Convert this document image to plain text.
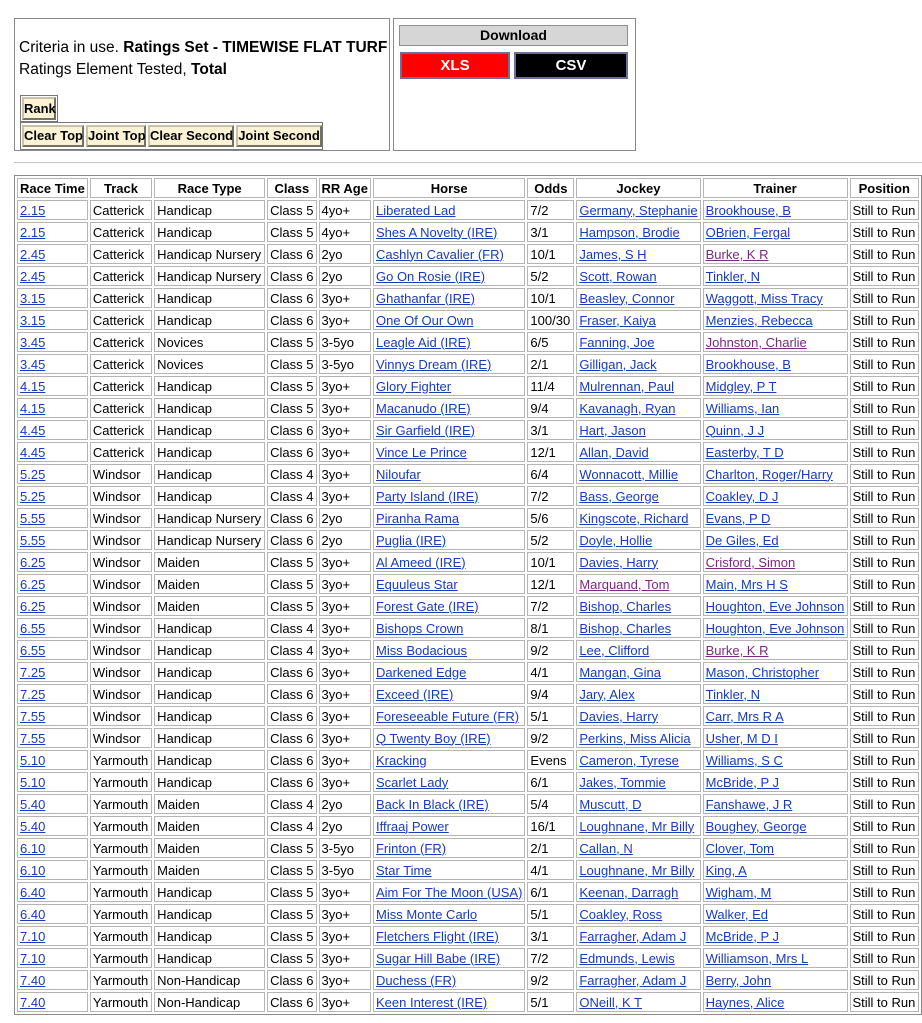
Criteria in use. Ratings Set - TIMEWISE FLAT TURF
Ratings Element Tested, Total
Rank
Clear Top Joint Top Clear Second Joint Second
Download
XLS	CSV
Race Time	Track	Race Type	Class	RR Age	Horse	Odds	Jockey	Trainer	Position
2.15	Catterick	Handicap	Class 5	4yo+	Liberated Lad	7/2	Germany, Stephanie	Brookhouse, B	Still to Run
2.15	Catterick	Handicap	Class 5	4yo+	Shes A Novelty (IRE)	3/1	Hampson, Brodie	OBrien, Fergal	Still to Run
2.45	Catterick	Handicap Nursery	Class 6	2yo	Cashlyn Cavalier (FR)	10/1	James, S H	Burke, K R	Still to Run
2.45	Catterick	Handicap Nursery	Class 6	2yo	Go On Rosie (IRE)	5/2	Scott, Rowan	Tinkler, N	Still to Run
3.15	Catterick	Handicap	Class 6	3yo+	Ghathanfar (IRE)	10/1	Beasley, Connor	Waggott, Miss Tracy	Still to Run
3.15	Catterick	Handicap	Class 6	3yo+	One Of Our Own	100/30	Fraser, Kaiya	Menzies, Rebecca	Still to Run
3.45	Catterick	Novices	Class 5	3-5yo	Leagle Aid (IRE)	6/5	Fanning, Joe	Johnston, Charlie	Still to Run
3.45	Catterick	Novices	Class 5	3-5yo	Vinnys Dream (IRE)	2/1	Gilligan, Jack	Brookhouse, B	Still to Run
4.15	Catterick	Handicap	Class 5	3yo+	Glory Fighter	11/4	Mulrennan, Paul	Midgley, P T	Still to Run
4.15	Catterick	Handicap	Class 5	3yo+	Macanudo (IRE)	9/4	Kavanagh, Ryan	Williams, Ian	Still to Run
4.45	Catterick	Handicap	Class 6	3yo+	Sir Garfield (IRE)	3/1	Hart, Jason	Quinn, J J	Still to Run
4.45	Catterick	Handicap	Class 6	3yo+	Vince Le Prince	12/1	Allan, David	Easterby, T D	Still to Run
5.25	Windsor	Handicap	Class 4	3yo+	Niloufar	6/4	Wonnacott, Millie	Charlton, Roger/Harry	Still to Run
5.25	Windsor	Handicap	Class 4	3yo+	Party Island (IRE)	7/2	Bass, George	Coakley, D J	Still to Run
5.55	Windsor	Handicap Nursery	Class 6	2yo	Piranha Rama	5/6	Kingscote, Richard	Evans, P D	Still to Run
5.55	Windsor	Handicap Nursery	Class 6	2yo	Puglia (IRE)	5/2	Doyle, Hollie	De Giles, Ed	Still to Run
6.25	Windsor	Maiden	Class 5	3yo+	Al Ameed (IRE)	10/1	Davies, Harry	Crisford, Simon	Still to Run
6.25	Windsor	Maiden	Class 5	3yo+	Equuleus Star	12/1	Marquand, Tom	Main, Mrs H S	Still to Run
6.25	Windsor	Maiden	Class 5	3yo+	Forest Gate (IRE)	7/2	Bishop, Charles	Houghton, Eve Johnson	Still to Run
6.55	Windsor	Handicap	Class 4	3yo+	Bishops Crown	8/1	Bishop, Charles	Houghton, Eve Johnson	Still to Run
6.55	Windsor	Handicap	Class 4	3yo+	Miss Bodacious	9/2	Lee, Clifford	Burke, K R	Still to Run
7.25	Windsor	Handicap	Class 6	3yo+	Darkened Edge	4/1	Mangan, Gina	Mason, Christopher	Still to Run
7.25	Windsor	Handicap	Class 6	3yo+	Exceed (IRE)	9/4	Jary, Alex	Tinkler, N	Still to Run
7.55	Windsor	Handicap	Class 6	3yo+	Foreseeable Future (FR)	5/1	Davies, Harry	Carr, Mrs R A	Still to Run
7.55	Windsor	Handicap	Class 6	3yo+	Q Twenty Boy (IRE)	9/2	Perkins, Miss Alicia	Usher, M D I	Still to Run
5.10	Yarmouth	Handicap	Class 6	3yo+	Kracking	Evens	Cameron, Tyrese	Williams, S C	Still to Run
5.10	Yarmouth	Handicap	Class 6	3yo+	Scarlet Lady	6/1	Jakes, Tommie	McBride, P J	Still to Run
5.40	Yarmouth	Maiden	Class 4	2yo	Back In Black (IRE)	5/4	Muscutt, D	Fanshawe, J R	Still to Run
5.40	Yarmouth	Maiden	Class 4	2yo	Iffraaj Power	16/1	Loughnane, Mr Billy	Boughey, George	Still to Run
6.10	Yarmouth	Maiden	Class 5	3-5yo	Frinton (FR)	2/1	Callan, N	Clover, Tom	Still to Run
6.10	Yarmouth	Maiden	Class 5	3-5yo	Star Time	4/1	Loughnane, Mr Billy	King, A	Still to Run
6.40	Yarmouth	Handicap	Class 5	3yo+	Aim For The Moon (USA)	6/1	Keenan, Darragh	Wigham, M	Still to Run
6.40	Yarmouth	Handicap	Class 5	3yo+	Miss Monte Carlo	5/1	Coakley, Ross	Walker, Ed	Still to Run
7.10	Yarmouth	Handicap	Class 5	3yo+	Fletchers Flight (IRE)	3/1	Farragher, Adam J	McBride, P J	Still to Run
7.10	Yarmouth	Handicap	Class 5	3yo+	Sugar Hill Babe (IRE)	7/2	Edmunds, Lewis	Williamson, Mrs L	Still to Run
7.40	Yarmouth	Non-Handicap	Class 6	3yo+	Duchess (FR)	9/2	Farragher, Adam J	Berry, John	Still to Run
7.40	Yarmouth	Non-Handicap	Class 6	3yo+	Keen Interest (IRE)	5/1	ONeill, K T	Haynes, Alice	Still to Run
